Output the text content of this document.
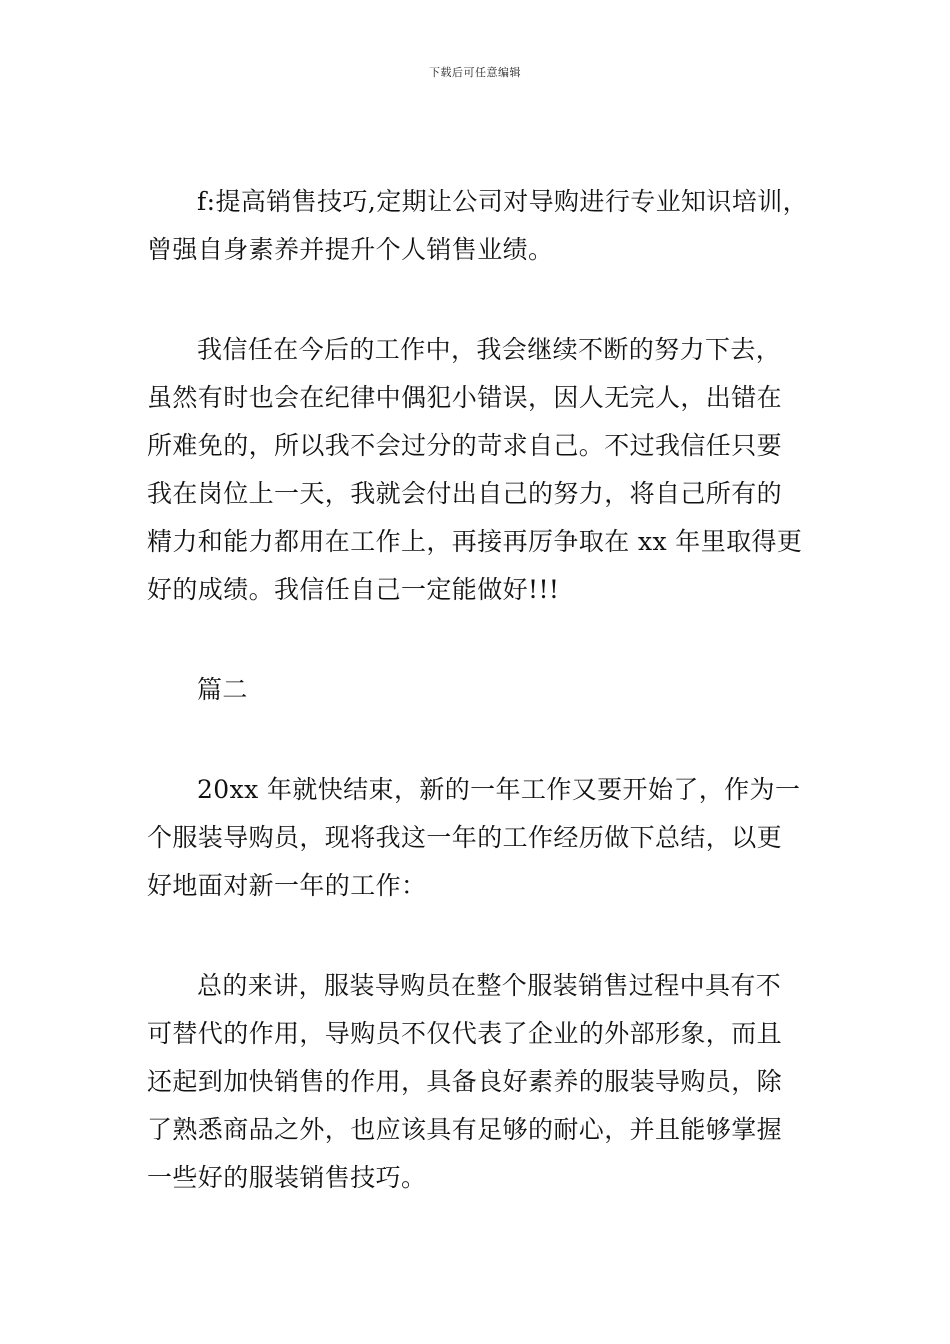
下载后可任意编辑

f:提高销售技巧,定期让公司对导购进行专业知识培训，
曾强自身素养并提升个人销售业绩。

我信任在今后的工作中，我会继续不断的努力下去，
虽然有时也会在纪律中偶犯小错误，因人无完人，出错在
所难免的，所以我不会过分的苛求自己。不过我信任只要
我在岗位上一天，我就会付出自己的努力，将自己所有的
精力和能力都用在工作上，再接再厉争取在 xx 年里取得更
好的成绩。我信任自己一定能做好!!!

篇二

20xx 年就快结束，新的一年工作又要开始了，作为一
个服装导购员，现将我这一年的工作经历做下总结，以更
好地面对新一年的工作：

总的来讲，服装导购员在整个服装销售过程中具有不
可替代的作用，导购员不仅代表了企业的外部形象，而且
还起到加快销售的作用，具备良好素养的服装导购员，除
了熟悉商品之外，也应该具有足够的耐心，并且能够掌握
一些好的服装销售技巧。
